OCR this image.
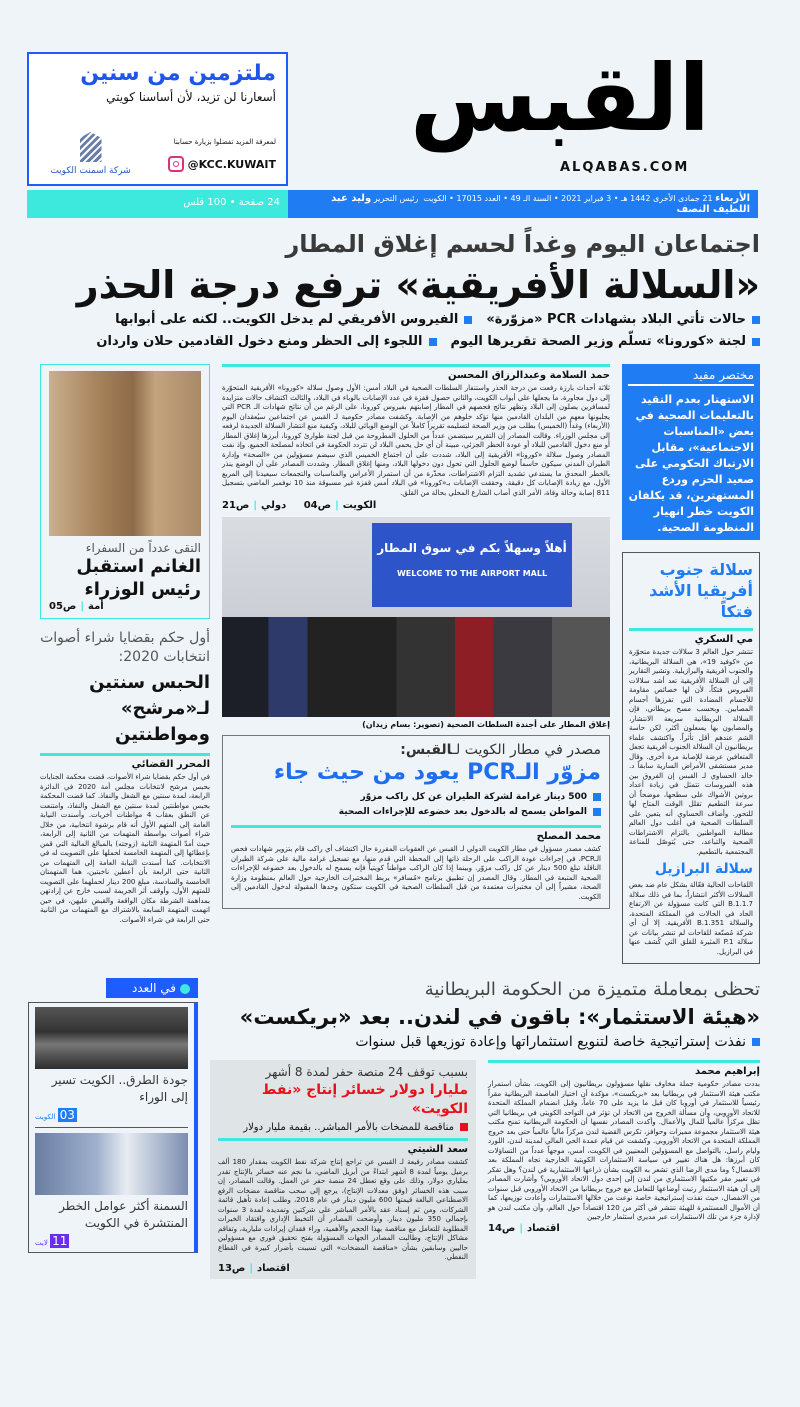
ملتزمين من سنين
أسعارنا لن تزيد، لأن أساسنا كويتي
لمعرفة المزيد تفضلوا بزيارة حسابنا
@KCC.KUWAIT
شركة اسمنت الكويت
القبس
ALQABAS.COM
24 صفحة • 100 فلس	الأربعاء 21 جمادى الأخرى 1442 هـ • 3 فبراير 2021 • السنة الـ 49 • العدد 17015 • الكويت  رئيس التحرير وليد عبد اللطيف النصف
اجتماعان اليوم وغداً لحسم إغلاق المطار
«السلالة الأفريقية» ترفع درجة الحذر
حالات تأتي البلاد بشهادات PCR «مزوّرة»
الفيروس الأفريقي لم يدخل الكويت.. لكنه على أبوابها
لجنة «كورونا» تسلّم وزير الصحة تقريرها اليوم
اللجوء إلى الحظر ومنع دخول القادمين حلان واردان
مختصر مفيد
الاستهتار بعدم التقيد بالتعليمات الصحية في بعض «المناسبات الاجتماعية»، مقابل الارتباك الحكومي على صعيد الحزم وردع المستهترين، قد يكلفان الكويت خطر انهيار المنظومة الصحية.
سلالة جنوب أفريقيا الأشد فتكاً
مي السكري
تنتشر حول العالم 3 سلالات جديدة متحوّرة من «كوفيد 19»، هي السلالة البريطانية، والجنوب أفريقية والبرازيلية. وتشير التقارير إلى أن السلالة الأفريقية تعد أشد سلالات الفيروس فتكاً، لأن لها خصائص مقاومة للأجسام المضادة التي تفرزها أجسام المصابين. وبحسب مسح بريطاني، فإن السلالة البريطانية سريعة الانتشار، والمصابون بها يسعلون أكثر، لكن حاسة الشم عندهم أقل تأثراً. واكتشف علماء بريطانيون أن السلالة الجنوب أفريقية تجعل المتعافين عرضة للإصابة مرة أخرى. وقال مدير مستشفى الأمراض السارية سابقاً د. خالد الحساوي لـ القبس إن الفروق بين هذه الفيروسات تتمثل في زيادة أعداد بروتين الأشواك على سطحها، موضحاً أن سرعة التطعيم تقلل الوقت المتاح لها للتحور. وأضاف الحساوي أنه يتعين على السلطات الصحية في أغلب دول العالم مطالبة المواطنين بالتزام الاشتراطات الصحية والتباعد، حتى يُتوصّل للمناعة المجتمعية بالتطعيم.
سلالة البرازيل
اللقاحات الحالية فعّالة بشكل عام ضد بعض السلالات الأكثر انتشاراً، بما في ذلك سلالة B.1.1.7 التي كانت مسؤولة عن الارتفاع الحاد في الحالات في المملكة المتحدة، والسلالة B.1.351 الأفريقية. إلا أن أي شركة مُصنّعة للقاحات لم تنشر بيانات عن سلالة P.1 المثيرة للقلق التي كُشف عنها في البرازيل.
حمد السلامة وعبدالرزاق المحسن
ثلاثة أحداث بارزة رفعت من درجة الحذر واستنفار السلطات الصحية في البلاد أمس: الأول وصول سلالة «كورونا» الأفريقية المتحوّرة إلى دول مجاورة، ما يجعلها على أبواب الكويت، والثاني حصول قفزة في عدد الإصابات بالوباء في البلاد، والثالث اكتشاف حالات متزايدة لمسافرين يصلون إلى البلاد وتظهر نتائج فحصهم في المطار إصابتهم بفيروس كورونا، على الرغم من أن نتائج شهادات الـ PCR التي يجلبونها معهم من البلدان القادمين منها تؤكد خلوهم من الإصابة. وكشفت مصادر حكومية لـ القبس عن اجتماعين سيُعقدان اليوم (الأربعاء) وغداً (الخميس) بطلب من وزير الصحة لتسليمه تقريراً كاملاً عن الوضع الوبائي للبلاد، وكيفية منع انتشار السلالة الجديدة لرفعه إلى مجلس الوزراء. وقالت المصادر إن التقرير سيتضمن عدداً من الحلول المطروحة من قبل لجنة طوارئ كورونا، أبرزها إغلاق المطار أو منع دخول القادمين للبلاد أو عودة الحظر الجزئي، مبينة أن أي حل يحمي البلاد لن تتردد الحكومة في اتخاذه لمصلحة الجميع. وإذ نفت المصادر وصول سلالة «كورونا» الأفريقية إلى البلاد، شددت على أن اجتماع الخميس الذي سيضم مسؤولين من «الصحة» وإدارة الطيران المدني سيكون حاسماً لوضع الحلول التي تحول دون دخولها البلاد، ومنها إغلاق المطار. وشددت المصادر على أن الوضع ينذر بالخطر المحدق ما يستدعي تشديد التزام الاشتراطات، محذّرة من أن استمرار الأعراس والمناسبات والتجمعات سيعيدنا إلى المربع الأول، مع زيادة الإصابات كل دقيقة. وحققت الإصابات بـ«كورونا» في البلاد أمس قفزة غير مسبوقة منذ 10 نوفمبر الماضي بتسجيل 811 إصابة وحالة وفاة، الأمر الذي أصاب الشارع المحلي بحالة من القلق.
الكويت|ص04     دولي|ص21
أهلاً وسهلاً بكم في سوق المطار
WELCOME TO THE AIRPORT MALL
إغلاق المطار على أجندة السلطات الصحية (تصوير: بسام زيدان)
مصدر في مطار الكويت لـالقبس:
مزوّر الـPCR يعود من حيث جاء
500 دينار غرامة لشركة الطيران عن كل راكب مزوّر
المواطن يسمح له بالدخول بعد خضوعه للإجراءات الصحية
محمد المصلح
كشف مصدر مسؤول في مطار الكويت الدولي لـ القبس عن العقوبات المقررة حال اكتشاف أي راكب قام بتزوير شهادات فحص الـPCR، في إجراءات عودة الراكب على الرحلة ذاتها إلى المحطة التي قدم منها، مع تسجيل غرامة مالية على شركة الطيران الناقلة تبلغ 500 دينار عن كل راكب مزوّر. وبينما إذا كان الراكب مواطناً كويتياً فإنه يسمح له بالدخول بعد خضوعه للإجراءات الصحية المتبعة في المطار. وقال المصدر إن تطبيق برنامج «مُسافر» يربط المختبرات الخارجية حول العالم بمنظومة وزارة الصحة، مشيراً إلى أن مختبرات معتمدة من قبل السلطات الصحية في الكويت ستكون وحدها المقبولة لدخول القادمين إلى الكويت.
التقى عدداً من السفراء
الغانم استقبل رئيس الوزراء
أمة|ص05
أول حكم بقضايا شراء أصوات انتخابات 2020:
الحبس سنتين لـ«مرشح» ومواطنتين
المحرر القضائي
في أول حكم بقضايا شراء الأصوات، قضت محكمة الجنايات بحبس مرشح لانتخابات مجلس أمة 2020 في الدائرة الرابعة، لمدة سنتين مع الشغل والنفاذ. كما قضت المحكمة بحبس مواطنتين لمدة سنتين مع الشغل والنفاذ، وامتنعت عن النطق بعقاب 4 مواطنات أخريات. وأسندت النيابة العامة إلى المتهم الأول أنه قام برشوة انتخابية، من خلال شراء أصوات بواسطة المتهمات من الثانية إلى الرابعة، حيث أمدّ المتهمة الثانية (زوجته) بالمبالغ المالية التي قمن بإعطائها إلى المتهمة الخامسة لحملها على التصويت له في الانتخابات. كما أسندت النيابة العامة إلى المتهمات من الثانية حتى الرابعة بأن أعطين ناخبتين، هما المتهمتان الخامسة والسادسة، مبلغ 200 دينار لحملهما على التصويت للمتهم الأول، وأوقف أثر الجريمة لسبب خارج عن إرادتهن بمداهمة الشرطة مكان الواقعة والقبض عليهن، في حين اتهمت المتهمة السابعة بالاشتراك مع المتهمات من الثانية حتى الرابعة في شراء الأصوات.
تحظى بمعاملة متميزة من الحكومة البريطانية
«هيئة الاستثمار»: باقون في لندن.. بعد «بريكست»
نفذت إستراتيجية خاصة لتنويع استثماراتها وإعادة توزيعها قبل سنوات
إبراهيم محمد
بددت مصادر حكومية جملة مخاوف نقلها مسؤولون بريطانيون إلى الكويت، بشأن استمرار مكتب هيئة الاستثمار في بريطانيا بعد «بريكست»، مؤكدة أن اختيار العاصمة البريطانية مقراً رئيسياً للاستثمار في أوروبا كان قبل ما يزيد على 70 عاماً، وقبل انضمام المملكة المتحدة للاتحاد الأوروبي، وأن مسألة الخروج من الاتحاد لن تؤثر في التواجد الكويتي في بريطانيا التي تظل مركزاً عالمياً للمال والأعمال. وأكدت المصادر نفسها أن الحكومة البريطانية تمنح مكتب هيئة الاستثمار مجموعة مميزات وحوافز، تكرس القضية لندن مركزاً مالياً عالمياً حتى بعد خروج المملكة المتحدة من الاتحاد الأوروبي. وكشفت عن قيام عمدة الحي المالي لمدينة لندن، اللورد وليام راسل، بالتواصل مع المسؤولين المعنيين في الكويت، أمس، موجهاً عدداً من التساؤلات كان أبرزها: هل هناك تغيير في سياسة الاستثمارات الكويتية الخارجية تجاه المملكة بعد الانفصال؟ وما مدى الرضا الذي تشعر به الكويت بشأن ذراعها الاستثمارية في لندن؟ وهل تفكر في تغيير مقر مكتبها الاستثماري من لندن إلى إحدى دول الاتحاد الأوروبي؟ وأشارت المصادر إلى أن هيئة الاستثمار رتبت أوضاعها للتعامل مع خروج بريطانيا من الاتحاد الأوروبي قبل سنوات من الانفصال، حيث نفذت إستراتيجية خاصة نوعت من خلالها الاستثمارات وأعادت توزيعها، كما أن الأموال المستثمرة للهيئة تنتشر في أكثر من 120 اقتصاداً حول العالم، وأن مكتب لندن هو لإدارة جزء من تلك الاستثمارات عبر مديري استثمار خارجيين
اقتصاد|ص14
بسبب توقف 24 منصة حفر لمدة 8 أشهر
مليارا دولار خسائر إنتاج «نفط الكويت»
مناقصة للمضخات بالأمر المباشر.. بقيمة مليار دولار
سعد الشيتي
كشفت مصادر رفيعة لـ القبس عن تراجع إنتاج شركة نفط الكويت بمقدار 180 ألف برميل يومياً لمدة 8 أشهر ابتداءً من أبريل الماضي، ما نجم عنه خسائر بالإنتاج تقدر بملياري دولار، وذلك على وقع تعطل 24 منصة حفر عن العمل. وقالت المصادر، إن سبب هذه الخسائر (وفق معدلات الإنتاج)، يرجع إلى سحب مناقصة مضخات الرفع الاصطناعي البالغة قيمتها 600 مليون دينار في عام 2018، وطلب إعادة تأهيل قائمة الشركات، ومن ثم إسناد عقد بالأمر المباشر على شركتين وتمديده لمدة 3 سنوات بإجمالي 350 مليون دينار. وأوضحت المصادر أن التخبط الإداري وافتقاد الخبرات المطلوبة للتعامل مع مناقصة بهذا الحجم والأهمية، وراء فقدان إيرادات مليارية، وتفاقم مشاكل الإنتاج، وطالبت المصادر الجهات المسؤولة بفتح تحقيق فوري مع مسؤولين حاليين وسابقين بشأن «مناقصة المضخات» التي تسببت بأضرار كبيرة في القطاع النفطي.
اقتصاد|ص13
في العدد
جودة الطرق.. الكويت تسير إلى الوراء
03 الكويت
السمنة أكثر عوامل الخطر المنتشرة في الكويت
11 لايت
